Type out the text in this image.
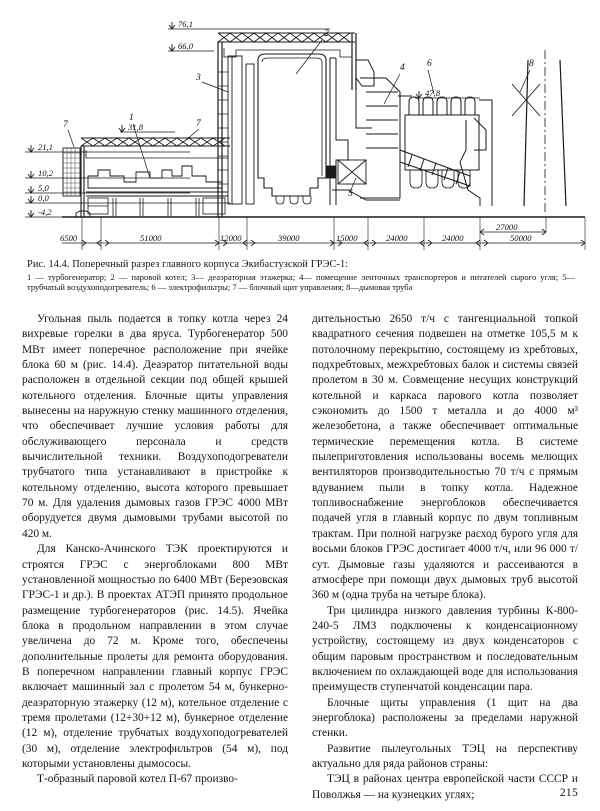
76,1
66,0
31,8
21,1
10,2
5,0
0,0
-4,2
47,8
7
1
7
2
3
4
5
6	8
6500	51000	12000	39000	15000	24000	24000	50000
27000
Рис. 14.4. Поперечный разрез главного корпуса Экибастузской ГРЭС-1:
1 — турбогенератор; 2 — паровой котел; 3— деаэраторная этажерка; 4— помещение ленточных транспортеров и питателей сырого угля; 5— трубчатый воздухоподогреватель; 6 — электрофильтры; 7 — блочный щит управления; 8—дымовая труба

Угольная пыль подается в топку котла через 24 вихревые горелки в два яруса. Турбогенератор 500 МВт имеет поперечное расположение при ячейке блока 60 м (рис. 14.4). Деаэратор питательной воды расположен в отдельной секции под общей крышей котельного отделения. Блочные щиты управления вынесены на наружную стенку машинного отделения, что обеспечивает лучшие условия работы для обслуживающего персонала и средств вычислительной техники. Воздухоподогреватели трубчатого типа устанавливают в пристройке к котельному отделению, высота которого превышает 70 м. Для удаления дымовых газов ГРЭС 4000 МВт оборудуется двумя дымовыми трубами высотой по 420 м.

Для Канско-Ачинского ТЭК проектируются и строятся ГРЭС с энергоблоками 800 МВт установленной мощностью по 6400 МВт (Березовская ГРЭС-1 и др.). В проектах АТЭП принято продольное размещение турбогенераторов (рис. 14.5). Ячейка блока в продольном направлении в этом случае увеличена до 72 м. Кроме того, обеспечены дополнительные пролеты для ремонта оборудования. В поперечном направлении главный корпус ГРЭС включает машинный зал с пролетом 54 м, бункерно-деаэраторную этажерку (12 м), котельное отделение с тремя пролетами (12+30+12 м), бункерное отделение (12 м), отделение трубчатых воздухоподогревателей (30 м), отделение электрофильтров (54 м), под которыми установлены дымососы.

Т-образный паровой котел П-67 произво-

дительностью 2650 т/ч с тангенциальной топкой квадратного сечения подвешен на отметке 105,5 м к потолочному перекрытию, состоящему из хребтовых, подхребтовых, межхребтовых балок и системы связей пролетом в 30 м. Совмещение несущих конструкций котельной и каркаса парового котла позволяет сэкономить до 1500 т металла и до 4000 м³ железобетона, а также обеспечивает оптимальные термические перемещения котла. В системе пылеприготовления использованы восемь мелющих вентиляторов производительностью 70 т/ч с прямым вдуванием пыли в топку котла. Надежное топливоснабжение энергоблоков обеспечивается подачей угля в главный корпус по двум топливным трактам. При полной нагрузке расход бурого угля для восьми блоков ГРЭС достигает 4000 т/ч, или 96 000 т/сут. Дымовые газы удаляются и рассеиваются в атмосфере при помощи двух дымовых труб высотой 360 м (одна труба на четыре блока).

Три цилиндра низкого давления турбины К-800-240-5 ЛМЗ подключены к конденсационному устройству, состоящему из двух конденсаторов с общим паровым пространством и последовательным включением по охлаждающей воде для использования преимуществ ступенчатой конденсации пара.

Блочные щиты управления (1 щит на два энергоблока) расположены за пределами наружной стенки.

Развитие пылеугольных ТЭЦ на перспективу актуально для ряда районов страны:

ТЭЦ в районах центра европейской части СССР и Поволжья — на кузнецких углях;	215
